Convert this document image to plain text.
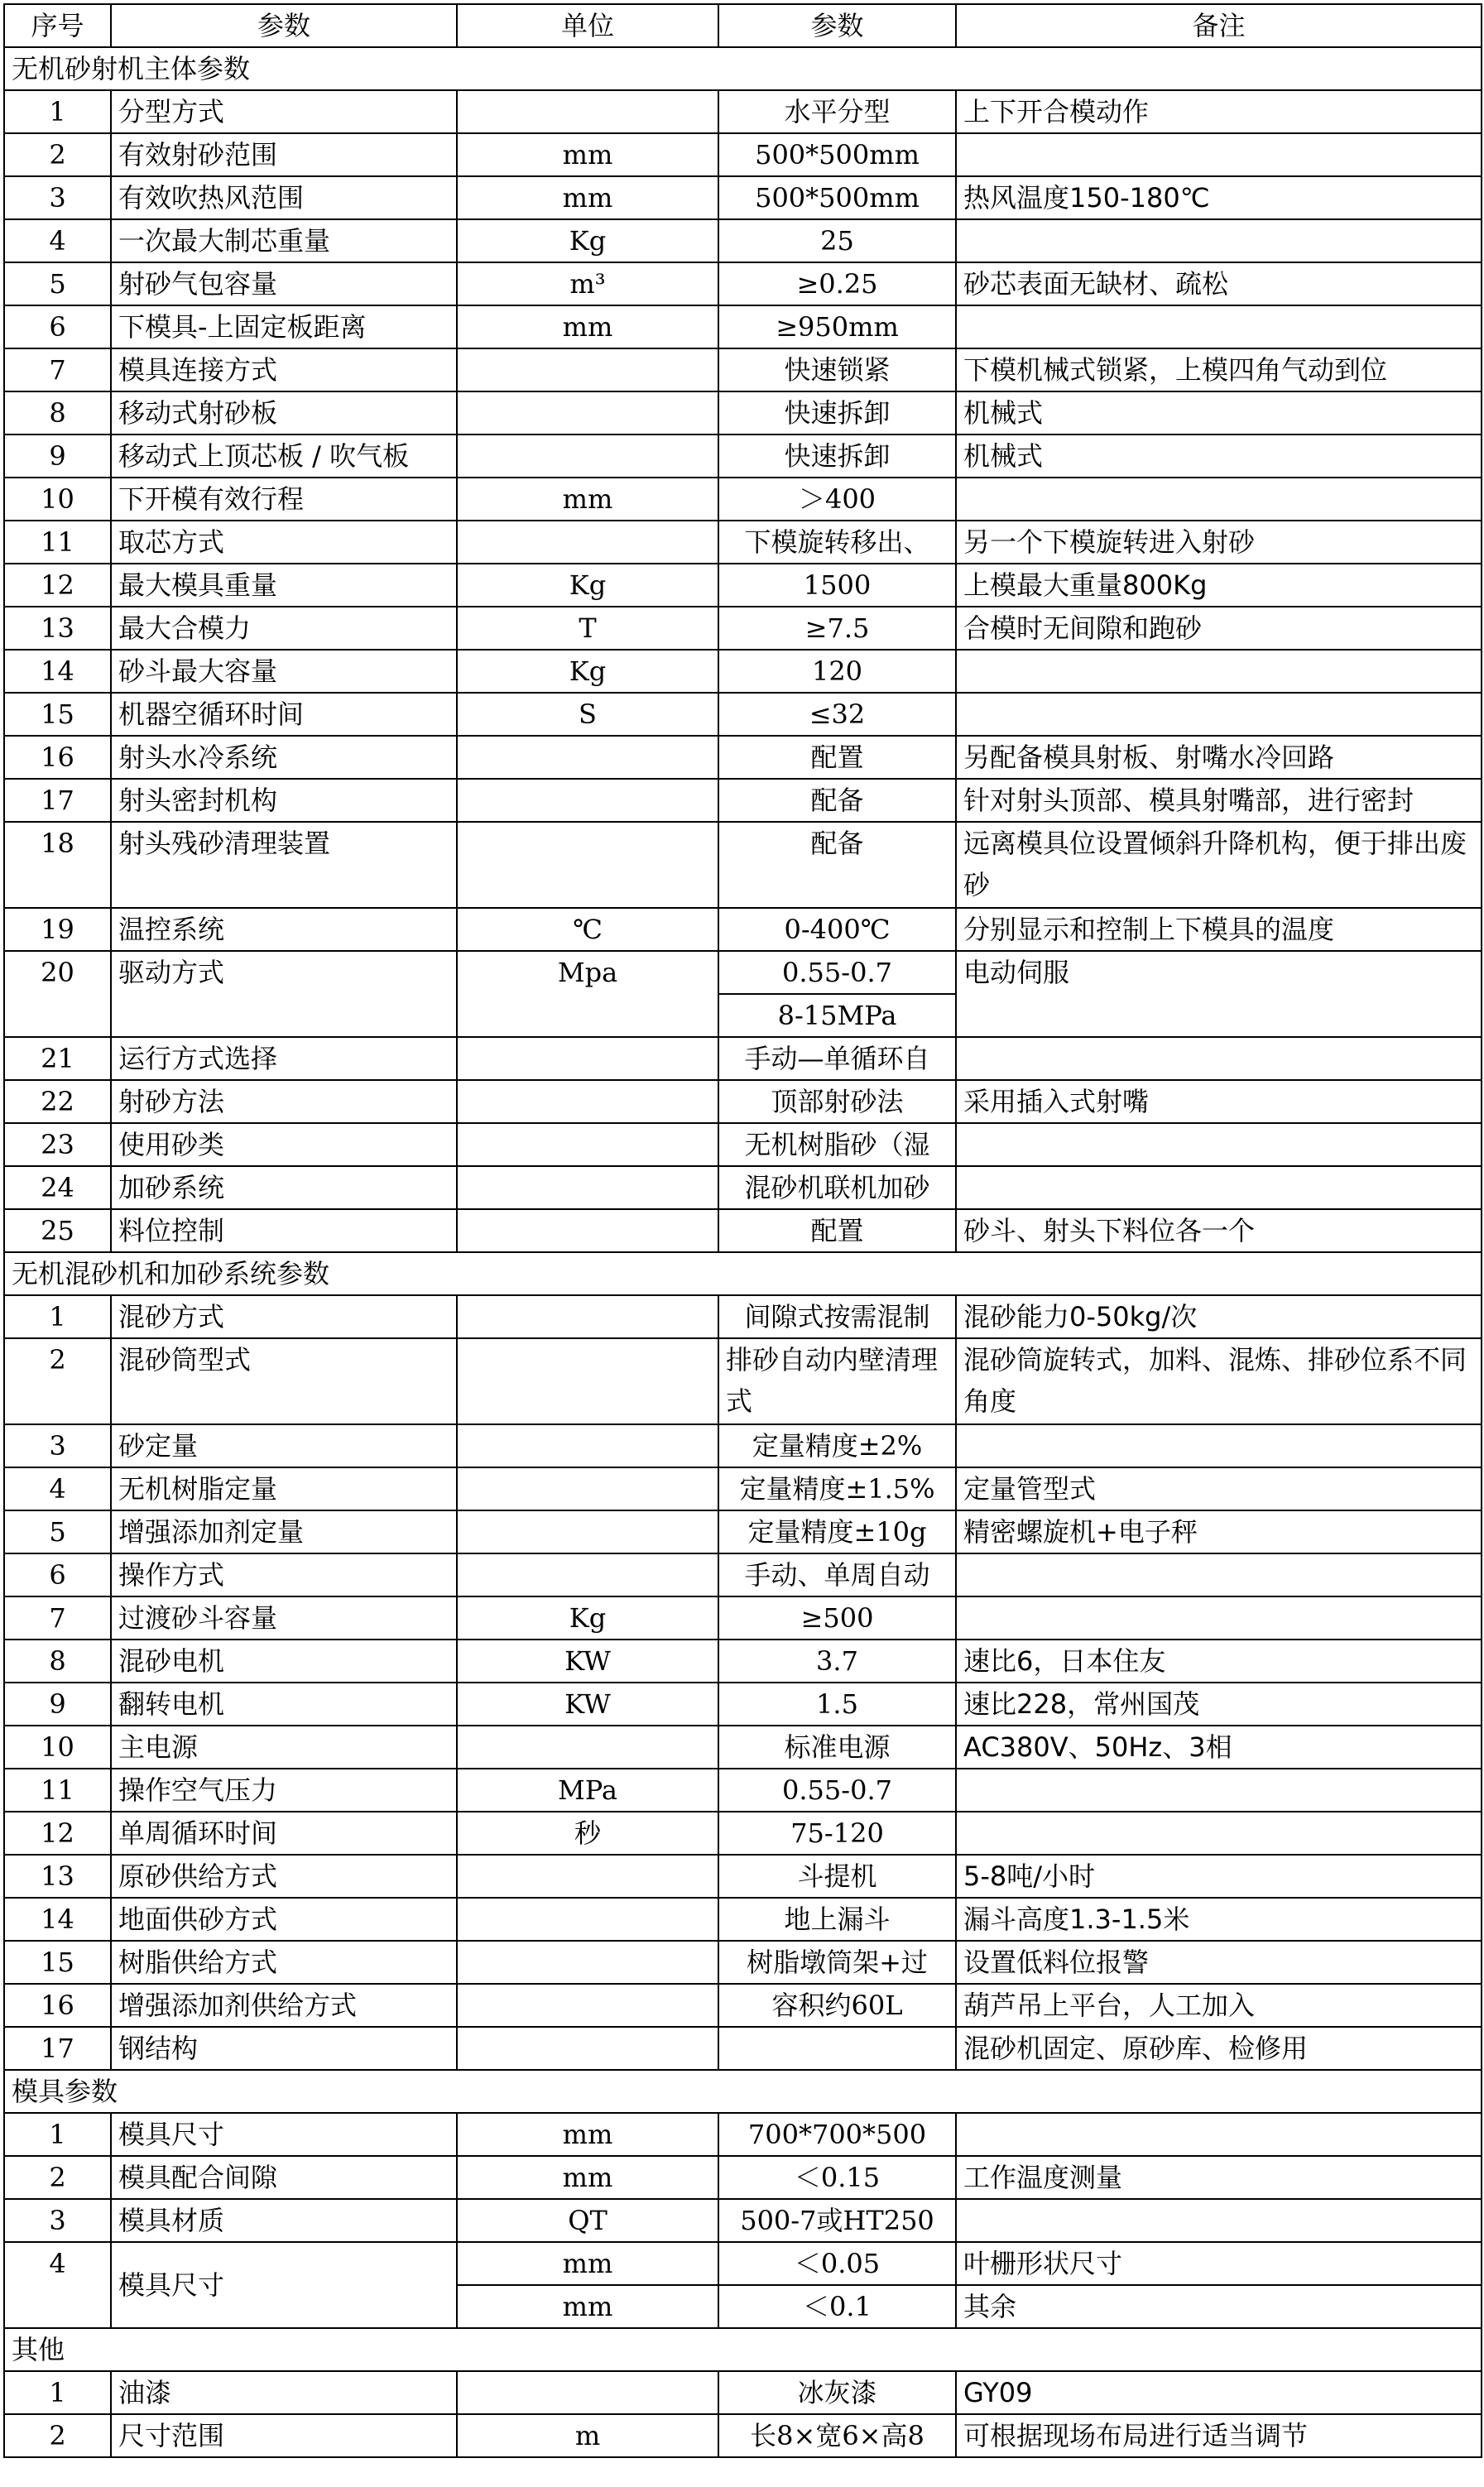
序号	参数	单位	参数	备注
无机砂射机主体参数				
1	分型方式		水平分型	上下开合模动作
2	有效射砂范围	mm	500*500mm	
3	有效吹热风范围	mm	500*500mm	热风温度150-180℃
4	一次最大制芯重量	Kg	25	
5	射砂气包容量	m³	≥0.25	砂芯表面无缺材、疏松
6	下模具-上固定板距离	mm	≥950mm	
7	模具连接方式		快速锁紧	下模机械式锁紧，上模四角气动到位
8	移动式射砂板		快速拆卸	机械式
9	移动式上顶芯板 / 吹气板		快速拆卸	机械式
10	下开模有效行程	mm	＞400	
11	取芯方式		下模旋转移出、	另一个下模旋转进入射砂
12	最大模具重量	Kg	1500	上模最大重量800Kg
13	最大合模力	T	≥7.5	合模时无间隙和跑砂
14	砂斗最大容量	Kg	120	
15	机器空循环时间	S	≤32	
16	射头水冷系统		配置	另配备模具射板、射嘴水冷回路
17	射头密封机构		配备	针对射头顶部、模具射嘴部，进行密封
18	射头残砂清理装置		配备	远离模具位设置倾斜升降机构，便于排出废砂
19	温控系统	℃	0-400℃	分别显示和控制上下模具的温度
20	驱动方式	Mpa	0.55-0.7	电动伺服
			8-15MPa	
21	运行方式选择		手动—单循环自	
22	射砂方法		顶部射砂法	采用插入式射嘴
23	使用砂类		无机树脂砂（湿	
24	加砂系统		混砂机联机加砂	
25	料位控制		配置	砂斗、射头下料位各一个
无机混砂机和加砂系统参数				
1	混砂方式		间隙式按需混制	混砂能力0-50kg/次
2	混砂筒型式		排砂自动内壁清理式	混砂筒旋转式，加料、混炼、排砂位系不同角度
3	砂定量		定量精度±2%	
4	无机树脂定量		定量精度±1.5%	定量管型式
5	增强添加剂定量		定量精度±10g	精密螺旋机+电子秤
6	操作方式		手动、单周自动	
7	过渡砂斗容量	Kg	≥500	
8	混砂电机	KW	3.7	速比6，日本住友
9	翻转电机	KW	1.5	速比228，常州国茂
10	主电源		标准电源	AC380V、50Hz、3相
11	操作空气压力	MPa	0.55-0.7	
12	单周循环时间	秒	75-120	
13	原砂供给方式		斗提机	5-8吨/小时
14	地面供砂方式		地上漏斗	漏斗高度1.3-1.5米
15	树脂供给方式		树脂墩筒架+过	设置低料位报警
16	增强添加剂供给方式		容积约60L	葫芦吊上平台，人工加入
17	钢结构			混砂机固定、原砂库、检修用
模具参数				
1	模具尺寸	mm	700*700*500	
2	模具配合间隙	mm	＜0.15	工作温度测量
3	模具材质	QT	500-7或HT250	
4	模具尺寸	mm	＜0.05	叶栅形状尺寸
		mm	＜0.1	其余
其他				
1	油漆		冰灰漆	GY09
2	尺寸范围	m	长8×宽6×高8	可根据现场布局进行适当调节
